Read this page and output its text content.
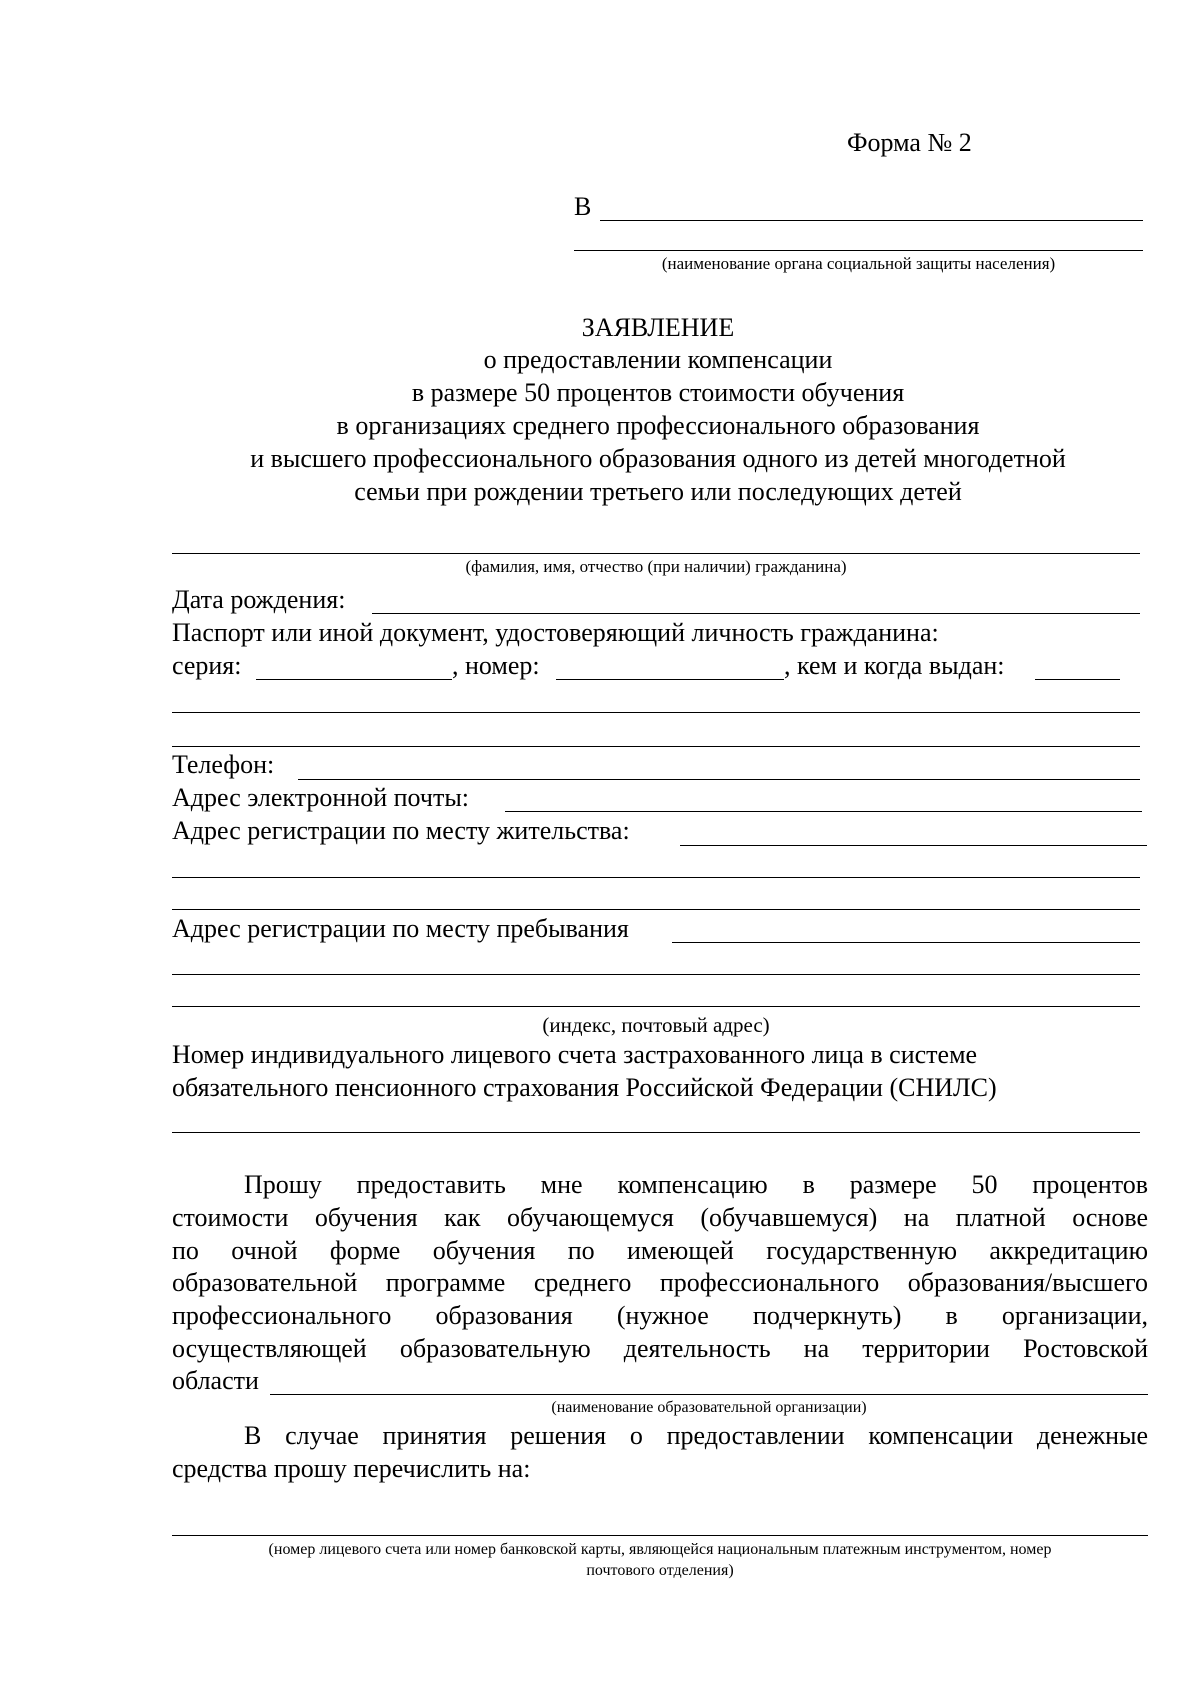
Форма № 2
В
(наименование органа социальной защиты населения)
ЗАЯВЛЕНИЕ
о предоставлении компенсации
в размере 50 процентов стоимости обучения
в организациях среднего профессионального образования
и высшего профессионального образования одного из детей многодетной
семьи при рождении третьего или последующих детей
(фамилия, имя, отчество (при наличии) гражданина)
Дата рождения:
Паспорт или иной документ, удостоверяющий личность гражданина:
серия:	, номер:	, кем и когда выдан:
Телефон:
Адрес электронной почты:
Адрес регистрации по месту жительства:
Адрес регистрации по месту пребывания
(индекс, почтовый адрес)
Номер индивидуального лицевого счета застрахованного лица в системе
обязательного пенсионного страхования Российской Федерации (СНИЛС)
Прошу предоставить мне компенсацию в размере 50 процентов
стоимости обучения как обучающемуся (обучавшемуся) на платной основе
по очной форме обучения по имеющей государственную аккредитацию
образовательной программе среднего профессионального образования/высшего
профессионального образования (нужное подчеркнуть) в организации,
осуществляющей образовательную деятельность на территории Ростовской
области
(наименование образовательной организации)
В случае принятия решения о предоставлении компенсации денежные
средства прошу перечислить на:
(номер лицевого счета или номер банковской карты, являющейся национальным платежным инструментом, номер
почтового отделения)
